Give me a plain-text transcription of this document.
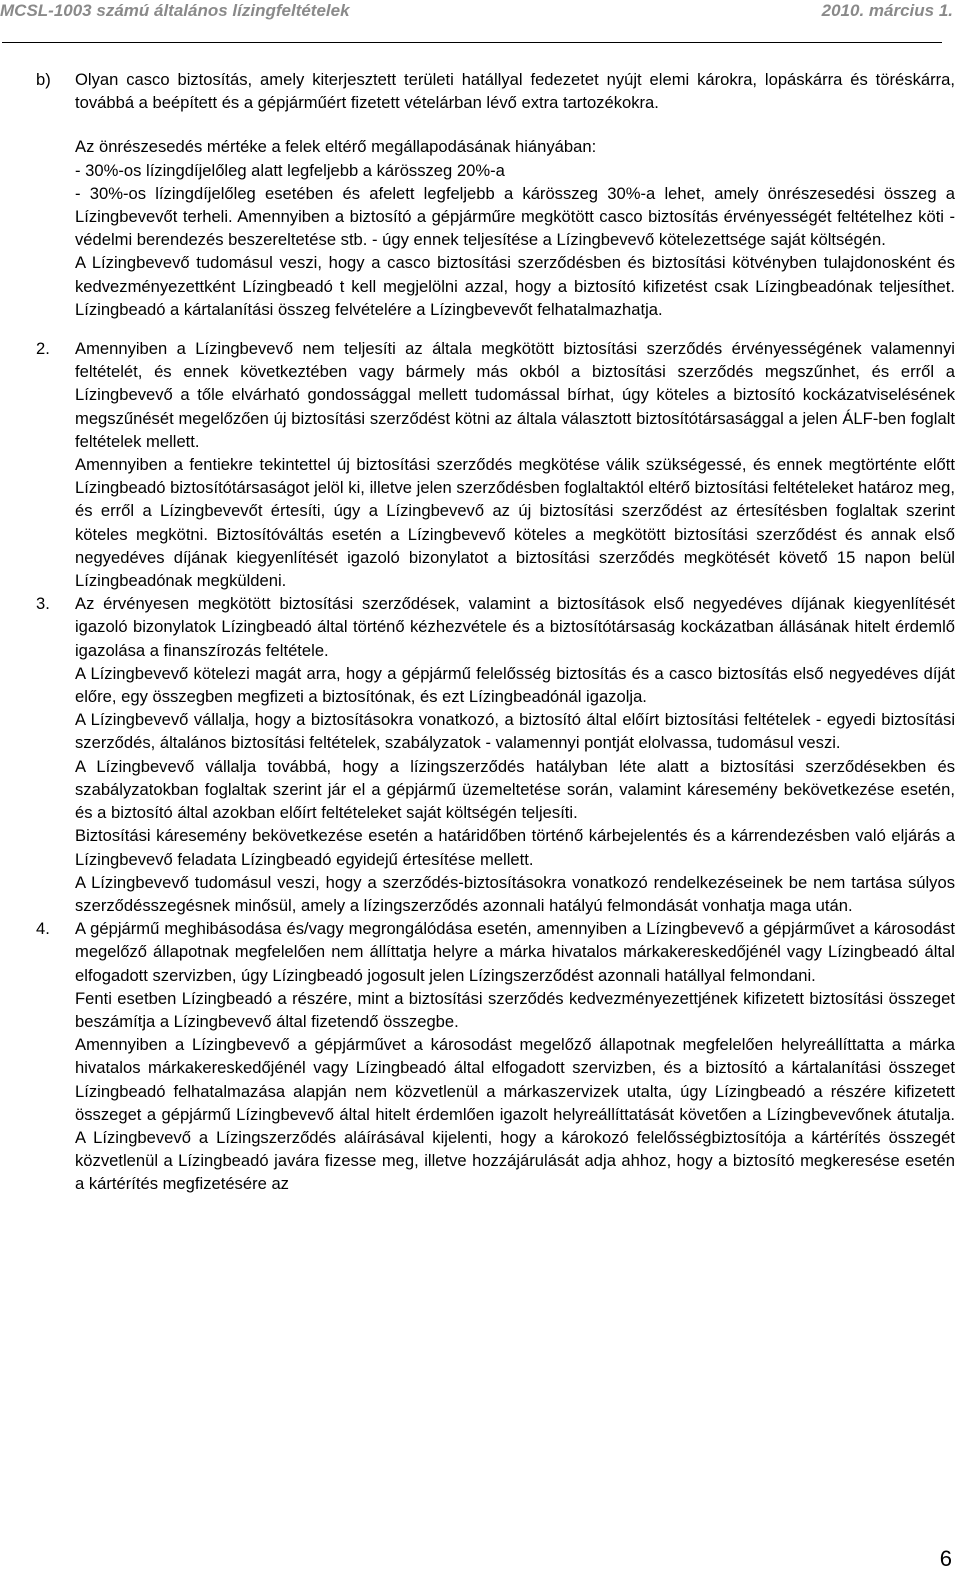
MCSL-1003 számú általános lízingfeltételek	2010. március 1.
b)	Olyan casco biztosítás, amely kiterjesztett területi hatállyal fedezetet nyújt elemi károkra, lopáskárra és töréskárra, továbbá a beépített és a gépjárműért fizetett vételárban lévő extra tartozékokra.

Az önrészesedés mértéke a felek eltérő megállapodásának hiányában:

- 30%-os lízingdíjelőleg alatt legfeljebb a kárösszeg 20%-a

- 30%-os lízingdíjelőleg esetében és afelett legfeljebb a kárösszeg 30%-a lehet, amely önrészesedési összeg a Lízingbevevőt terheli. Amennyiben a biztosító a gépjárműre megkötött casco biztosítás érvényességét feltételhez köti - védelmi berendezés beszereltetése stb. - úgy ennek teljesítése a Lízingbevevő kötelezettsége saját költségén.

A Lízingbevevő tudomásul veszi, hogy a casco biztosítási szerződésben és biztosítási kötvényben tulajdonosként és kedvezményezettként Lízingbeadó t kell megjelölni azzal, hogy a biztosító kifizetést csak Lízingbeadónak teljesíthet. Lízingbeadó a kártalanítási összeg felvételére a Lízingbevevőt felhatalmazhatja.

2.	Amennyiben a Lízingbevevő nem teljesíti az általa megkötött biztosítási szerződés érvényességének valamennyi feltételét, és ennek következtében vagy bármely más okból a biztosítási szerződés megszűnhet, és erről a Lízingbevevő a tőle elvárható gondossággal mellett tudomással bírhat, úgy köteles a biztosító kockázatviselésének megszűnését megelőzően új biztosítási szerződést kötni az általa választott biztosítótársasággal a jelen ÁLF-ben foglalt feltételek mellett.

Amennyiben a fentiekre tekintettel új biztosítási szerződés megkötése válik szükségessé, és ennek megtörténte előtt Lízingbeadó biztosítótársaságot jelöl ki, illetve jelen szerződésben foglaltaktól eltérő biztosítási feltételeket határoz meg, és erről a Lízingbevevőt értesíti, úgy a Lízingbevevő az új biztosítási szerződést az értesítésben foglaltak szerint köteles megkötni. Biztosítóváltás esetén a Lízingbevevő köteles a megkötött biztosítási szerződést és annak első negyedéves díjának kiegyenlítését igazoló bizonylatot a biztosítási szerződés megkötését követő 15 napon belül Lízingbeadónak megküldeni.

3.	Az érvényesen megkötött biztosítási szerződések, valamint a biztosítások első negyedéves díjának kiegyenlítését igazoló bizonylatok Lízingbeadó által történő kézhezvétele és a biztosítótársaság kockázatban állásának hitelt érdemlő igazolása a finanszírozás feltétele.

A Lízingbevevő kötelezi magát arra, hogy a gépjármű felelősség biztosítás és a casco biztosítás első negyedéves díját előre, egy összegben megfizeti a biztosítónak, és ezt Lízingbeadónál igazolja.

A Lízingbevevő vállalja, hogy a biztosításokra vonatkozó, a biztosító által előírt biztosítási feltételek - egyedi biztosítási szerződés, általános biztosítási feltételek, szabályzatok - valamennyi pontját elolvassa, tudomásul veszi.

A Lízingbevevő vállalja továbbá, hogy a lízingszerződés hatályban léte alatt a biztosítási szerződésekben és szabályzatokban foglaltak szerint jár el a gépjármű üzemeltetése során, valamint káresemény bekövetkezése esetén, és a biztosító által azokban előírt feltételeket saját költségén teljesíti.

Biztosítási káresemény bekövetkezése esetén a határidőben történő kárbejelentés és a kárrendezésben való eljárás a Lízingbevevő feladata Lízingbeadó egyidejű értesítése mellett.

A Lízingbevevő tudomásul veszi, hogy a szerződés-biztosításokra vonatkozó rendelkezéseinek be nem tartása súlyos szerződésszegésnek minősül, amely a lízingszerződés azonnali hatályú felmondását vonhatja maga után.

4.	A gépjármű meghibásodása és/vagy megrongálódása esetén, amennyiben a Lízingbevevő a gépjárművet a károsodást megelőző állapotnak megfelelően nem állíttatja helyre a márka hivatalos márkakereskedőjénél vagy Lízingbeadó által elfogadott szervizben, úgy Lízingbeadó jogosult jelen Lízingszerződést azonnali hatállyal felmondani.

Fenti esetben Lízingbeadó a részére, mint a biztosítási szerződés kedvezményezettjének kifizetett biztosítási összeget beszámítja a Lízingbevevő által fizetendő összegbe.

Amennyiben a Lízingbevevő a gépjárművet a károsodást megelőző állapotnak megfelelően helyreállíttatta a márka hivatalos márkakereskedőjénél vagy Lízingbeadó által elfogadott szervizben, és a biztosító a kártalanítási összeget Lízingbeadó felhatalmazása alapján nem közvetlenül a márkaszervizek utalta, úgy Lízingbeadó a részére kifizetett összeget a gépjármű Lízingbevevő által hitelt érdemlően igazolt helyreállíttatását követően a Lízingbevevőnek átutalja. A Lízingbevevő a Lízingszerződés aláírásával kijelenti, hogy a károkozó felelősségbiztosítója a kártérítés összegét közvetlenül a Lízingbeadó javára fizesse meg, illetve hozzájárulását adja ahhoz, hogy a biztosító megkeresése esetén a kártérítés megfizetésére az

6
